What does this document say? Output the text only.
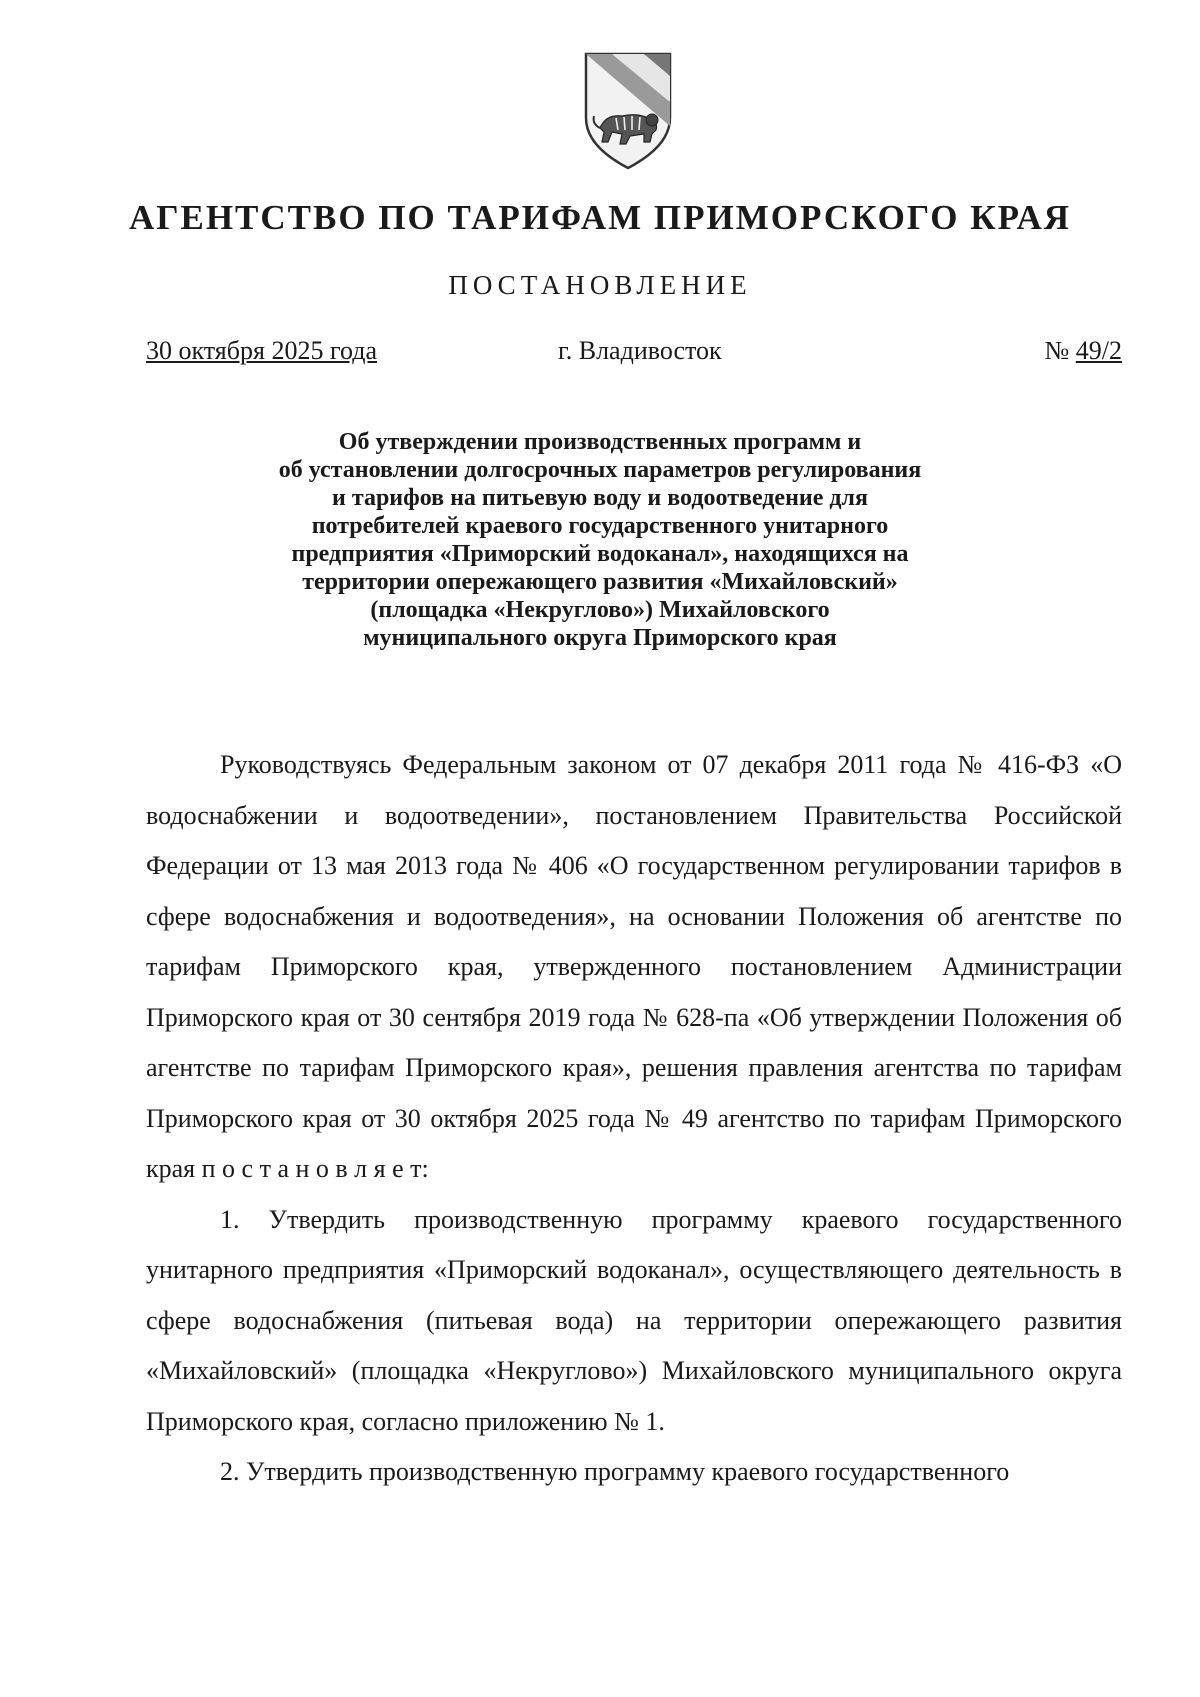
АГЕНТСТВО ПО ТАРИФАМ ПРИМОРСКОГО КРАЯ
ПОСТАНОВЛЕНИЕ
30 октября 2025 года	г. Владивосток	№ 49/2
Об утверждении производственных программ и
об установлении долгосрочных параметров регулирования
и тарифов на питьевую воду и водоотведение для
потребителей краевого государственного унитарного
предприятия «Приморский водоканал», находящихся на
территории опережающего развития «Михайловский»
(площадка «Некруглово») Михайловского
муниципального округа Приморского края

Руководствуясь Федеральным законом от 07 декабря 2011 года № 416-ФЗ «О водоснабжении и водоотведении», постановлением Правительства Российской Федерации от 13 мая 2013 года № 406 «О государственном регулировании тарифов в сфере водоснабжения и водоотведения», на основании Положения об агентстве по тарифам Приморского края, утвержденного постановлением Администрации Приморского края от 30 сентября 2019 года № 628-па «Об утверждении Положения об агентстве по тарифам Приморского края», решения правления агентства по тарифам Приморского края от 30 октября 2025 года № 49 агентство по тарифам Приморского края п о с т а н о в л я е т:

1. Утвердить производственную программу краевого государственного унитарного предприятия «Приморский водоканал», осуществляющего деятельность в сфере водоснабжения (питьевая вода) на территории опережающего развития «Михайловский» (площадка «Некруглово») Михайловского муниципального округа Приморского края, согласно приложению № 1.

2. Утвердить производственную программу краевого государственного
